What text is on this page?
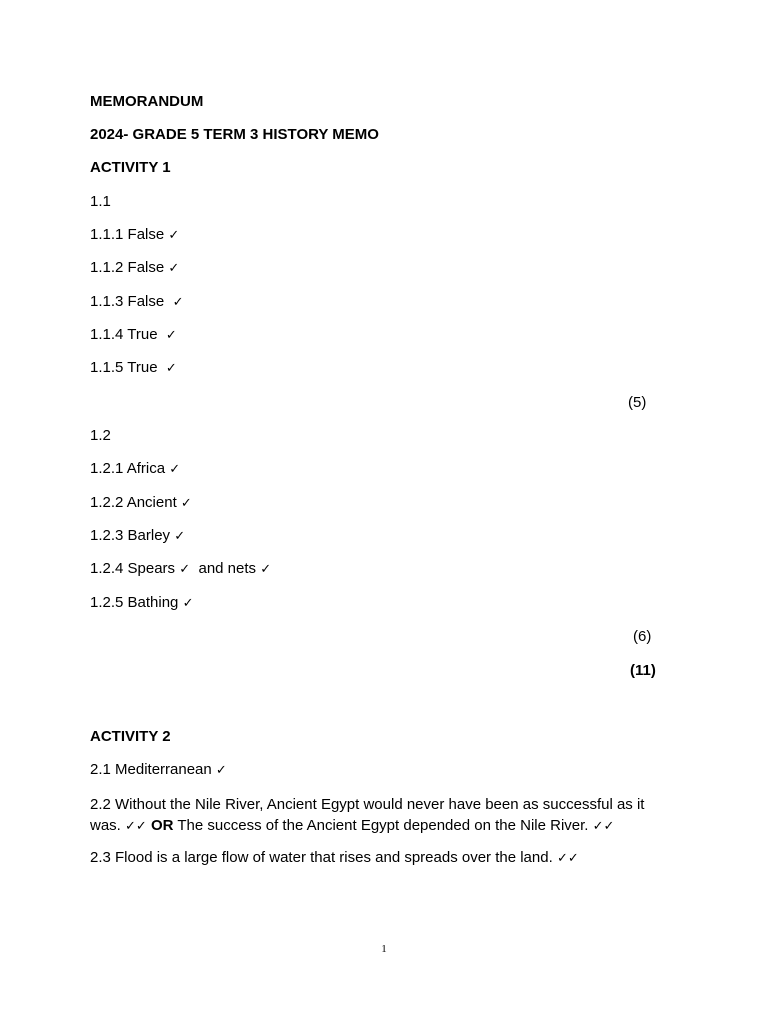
MEMORANDUM
2024- GRADE 5 TERM 3 HISTORY MEMO
ACTIVITY 1
1.1
1.1.1 False ✓
1.1.2 False ✓
1.1.3 False ✓
1.1.4 True ✓
1.1.5 True ✓
(5)
1.2
1.2.1 Africa ✓
1.2.2 Ancient ✓
1.2.3 Barley ✓
1.2.4 Spears ✓ and nets ✓
1.2.5 Bathing ✓
(6)
(11)
ACTIVITY 2
2.1 Mediterranean ✓
2.2 Without the Nile River, Ancient Egypt would never have been as successful as it was. ✓✓ OR The success of the Ancient Egypt depended on the Nile River. ✓✓
2.3 Flood is a large flow of water that rises and spreads over the land. ✓✓
1
